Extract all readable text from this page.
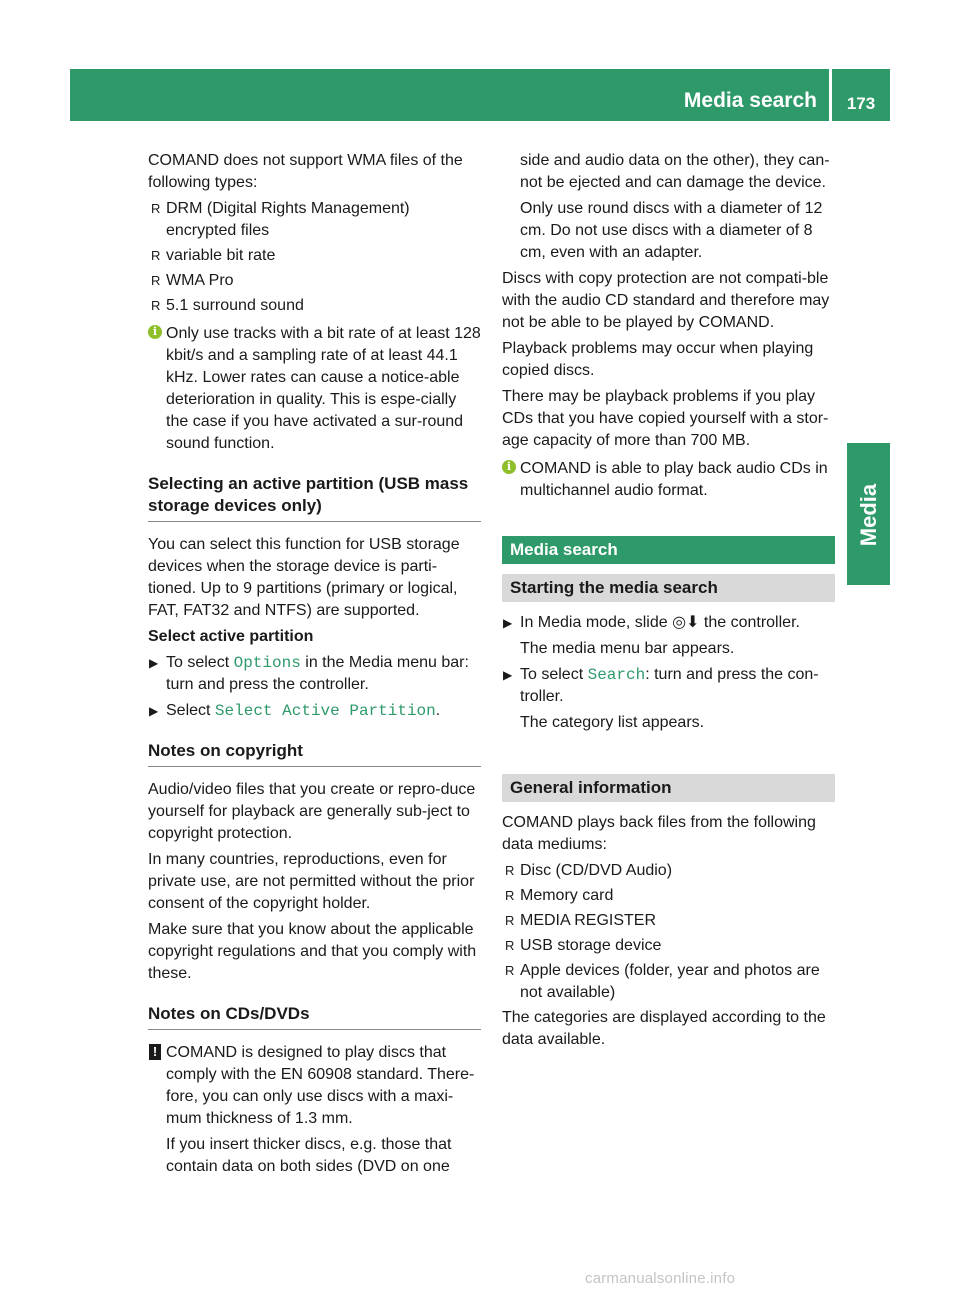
Media search	173
Media

COMAND does not support WMA files of the following types:

R DRM (Digital Rights Management) encrypted files
R variable bit rate
R WMA Pro
R 5.1 surround sound
i Only use tracks with a bit rate of at least 128 kbit/s and a sampling rate of at least 44.1 kHz. Lower rates can cause a notice-able deterioration in quality. This is espe-cially the case if you have activated a sur-round sound function.
Selecting an active partition (USB mass storage devices only)

You can select this function for USB storage devices when the storage device is parti-tioned. Up to 9 partitions (primary or logical, FAT, FAT32 and NTFS) are supported.

Select active partition
▶ To select Options in the Media menu bar: turn and press the controller.
▶ Select Select Active Partition.
Notes on copyright

Audio/video files that you create or repro-duce yourself for playback are generally sub-ject to copyright protection.

In many countries, reproductions, even for private use, are not permitted without the prior consent of the copyright holder.

Make sure that you know about the applicable copyright regulations and that you comply with these.

Notes on CDs/DVDs
! COMAND is designed to play discs that comply with the EN 60908 standard. There-fore, you can only use discs with a maxi-mum thickness of 1.3 mm.

If you insert thicker discs, e.g. those that contain data on both sides (DVD on one

side and audio data on the other), they can-not be ejected and can damage the device.

Only use round discs with a diameter of 12 cm. Do not use discs with a diameter of 8 cm, even with an adapter.

Discs with copy protection are not compati-ble with the audio CD standard and therefore may not be able to be played by COMAND.

Playback problems may occur when playing copied discs.

There may be playback problems if you play CDs that you have copied yourself with a stor-age capacity of more than 700 MB.

i COMAND is able to play back audio CDs in multichannel audio format.
Media search
Starting the media search
▶ In Media mode, slide ◎⬇ the controller.

The media menu bar appears.

▶ To select Search: turn and press the con-troller.

The category list appears.

General information

COMAND plays back files from the following data mediums:

R Disc (CD/DVD Audio)
R Memory card
R MEDIA REGISTER
R USB storage device
R Apple devices (folder, year and photos are not available)

The categories are displayed according to the data available.

carmanualsonline.info
